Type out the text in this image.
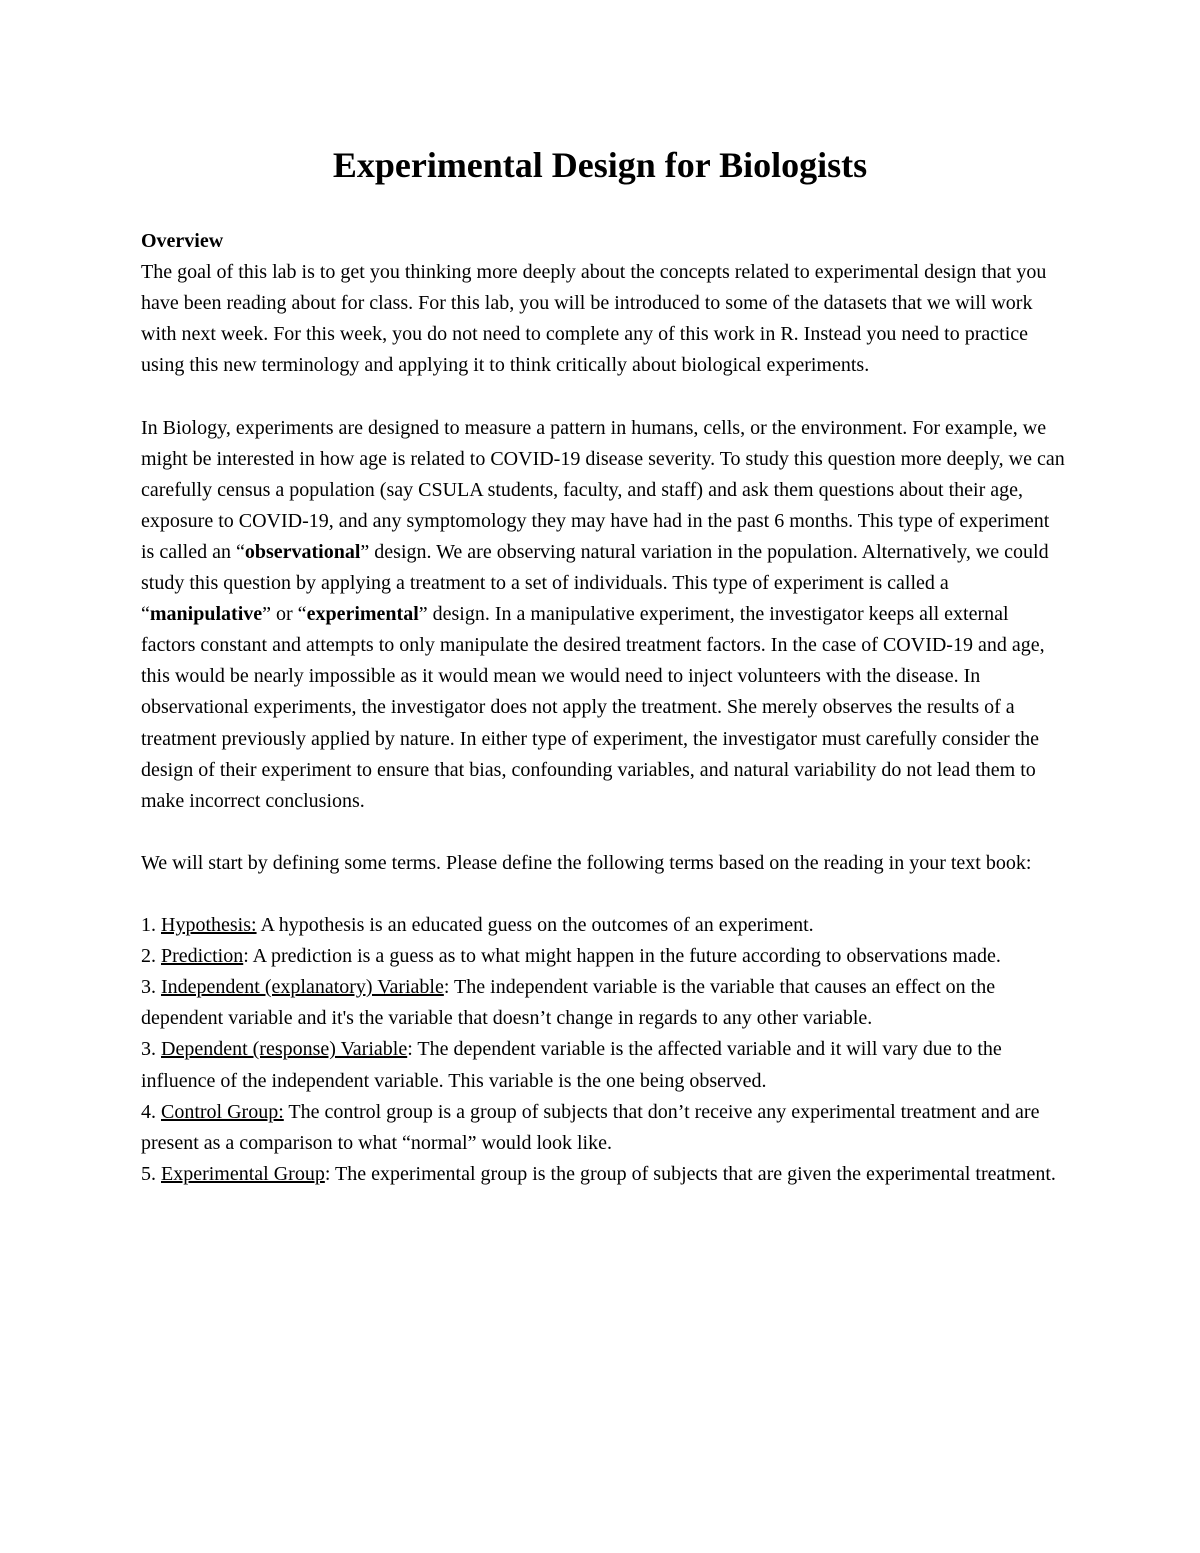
Experimental Design for Biologists
Overview

The goal of this lab is to get you thinking more deeply about the concepts related to experimental design that you have been reading about for class. For this lab, you will be introduced to some of the datasets that we will work with next week. For this week, you do not need to complete any of this work in R. Instead you need to practice using this new terminology and applying it to think critically about biological experiments.

In Biology, experiments are designed to measure a pattern in humans, cells, or the environment. For example, we might be interested in how age is related to COVID-19 disease severity. To study this question more deeply, we can carefully census a population (say CSULA students, faculty, and staff) and ask them questions about their age, exposure to COVID-19, and any symptomology they may have had in the past 6 months. This type of experiment is called an “observational” design. We are observing natural variation in the population. Alternatively, we could study this question by applying a treatment to a set of individuals. This type of experiment is called a “manipulative” or “experimental” design. In a manipulative experiment, the investigator keeps all external factors constant and attempts to only manipulate the desired treatment factors. In the case of COVID-19 and age, this would be nearly impossible as it would mean we would need to inject volunteers with the disease. In observational experiments, the investigator does not apply the treatment. She merely observes the results of a treatment previously applied by nature. In either type of experiment, the investigator must carefully consider the design of their experiment to ensure that bias, confounding variables, and natural variability do not lead them to make incorrect conclusions.

We will start by defining some terms. Please define the following terms based on the reading in your text book:

1. Hypothesis: A hypothesis is an educated guess on the outcomes of an experiment.

2. Prediction: A prediction is a guess as to what might happen in the future according to observations made.

3. Independent (explanatory) Variable: The independent variable is the variable that causes an effect on the dependent variable and it's the variable that doesn’t change in regards to any other variable.

3. Dependent (response) Variable: The dependent variable is the affected variable and it will vary due to the influence of the independent variable. This variable is the one being observed.

4. Control Group: The control group is a group of subjects that don’t receive any experimental treatment and are present as a comparison to what “normal” would look like.

5. Experimental Group: The experimental group is the group of subjects that are given the experimental treatment.
